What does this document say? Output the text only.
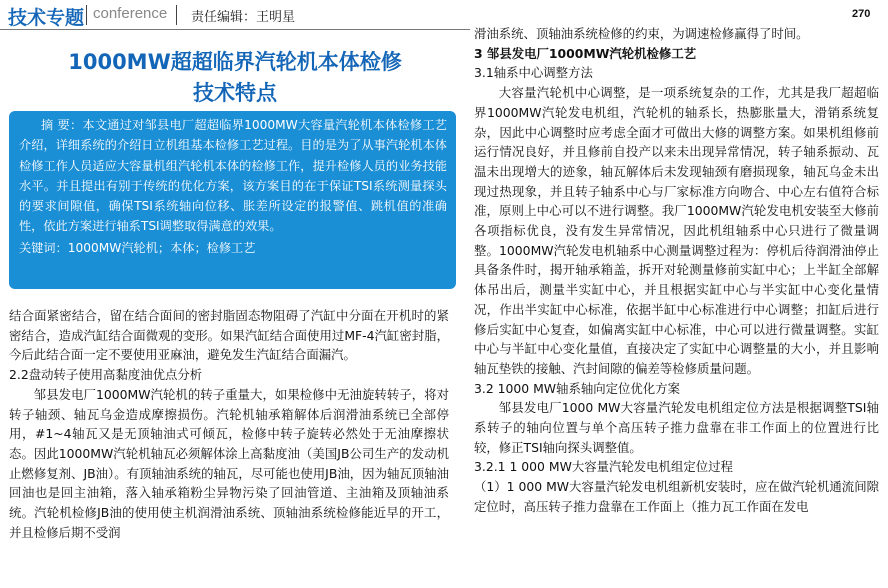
技术专题 conference 责任编辑：王明星	270
1000MW超超临界汽轮机本体检修
技术特点

摘 要：本文通过对邹县电厂超超临界1000MW大容量汽轮机本体检修工艺介绍，详细系统的介绍日立机组基本检修工艺过程。目的是为了从事汽轮机本体检修工作人员适应大容量机组汽轮机本体的检修工作，提升检修人员的业务技能水平。并且提出有别于传统的优化方案，该方案目的在于保证TSI系统测量探头的要求间隙值，确保TSI系统轴向位移、胀差所设定的报警值、跳机值的准确性，依此方案进行轴系TSI调整取得满意的效果。

关键词：1000MW汽轮机；本体；检修工艺

结合面紧密结合，留在结合面间的密封脂固态物阻碍了汽缸中分面在开机时的紧密结合，造成汽缸结合面微观的变形。如果汽缸结合面使用过MF-4汽缸密封脂，今后此结合面一定不要使用亚麻油，避免发生汽缸结合面漏汽。

2.2盘动转子使用高黏度油优点分析

邹县发电厂1000MW汽轮机的转子重量大，如果检修中无油旋转转子，将对转子轴颈、轴瓦乌金造成摩擦损伤。汽轮机轴承箱解体后润滑油系统已全部停用，#1~4轴瓦又是无顶轴油式可倾瓦，检修中转子旋转必然处于无油摩擦状态。因此1000MW汽轮机轴瓦必须解体涂上高黏度油（美国JB公司生产的发动机止燃修复剂、JB油）。有顶轴油系统的轴瓦，尽可能也使用JB油，因为轴瓦顶轴油回油也是回主油箱，落入轴承箱粉尘异物污染了回油管道、主油箱及顶轴油系统。汽轮机检修JB油的使用使主机润滑油系统、顶轴油系统检修能近早的开工，并且检修后期不受润

滑油系统、顶轴油系统检修的约束，为调速检修赢得了时间。

3 邹县发电厂1000MW汽轮机检修工艺

3.1轴系中心调整方法

大容量汽轮机中心调整，是一项系统复杂的工作，尤其是我厂超超临界1000MW汽轮发电机组，汽轮机的轴系长，热膨胀量大，滑销系统复杂，因此中心调整时应考虑全面才可做出大修的调整方案。如果机组修前运行情况良好，并且修前自投产以来未出现异常情况，转子轴系振动、瓦温未出现增大的迹象，轴瓦解体后未发现轴颈有磨损现象，轴瓦乌金未出现过热现象，并且转子轴系中心与厂家标准方向吻合、中心左右值符合标准，原则上中心可以不进行调整。我厂1000MW汽轮发电机安装至大修前各项指标优良，没有发生异常情况，因此机组轴系中心只进行了微量调整。1000MW汽轮发电机轴系中心测量调整过程为：停机后待润滑油停止具备条件时，揭开轴承箱盖，拆开对轮测量修前实缸中心；上半缸全部解体吊出后，测量半实缸中心，并且根据实缸中心与半实缸中心变化量情况，作出半实缸中心标准，依据半缸中心标准进行中心调整；扣缸后进行修后实缸中心复查，如偏离实缸中心标准，中心可以进行微量调整。实缸中心与半缸中心变化量值，直接决定了实缸中心调整量的大小，并且影响轴瓦垫铁的接触、汽封间隙的偏差等检修质量问题。

3.2 1000 MW轴系轴向定位优化方案

邹县发电厂1000 MW大容量汽轮发电机组定位方法是根据调整TSI轴系转子的轴向位置与单个高压转子推力盘靠在非工作面上的位置进行比较，修正TSI轴向探头调整值。

3.2.1 1 000 MW大容量汽轮发电机组定位过程

（1）1 000 MW大容量汽轮发电机组新机安装时，应在做汽轮机通流间隙定位时，高压转子推力盘靠在工作面上（推力瓦工作面在发电
